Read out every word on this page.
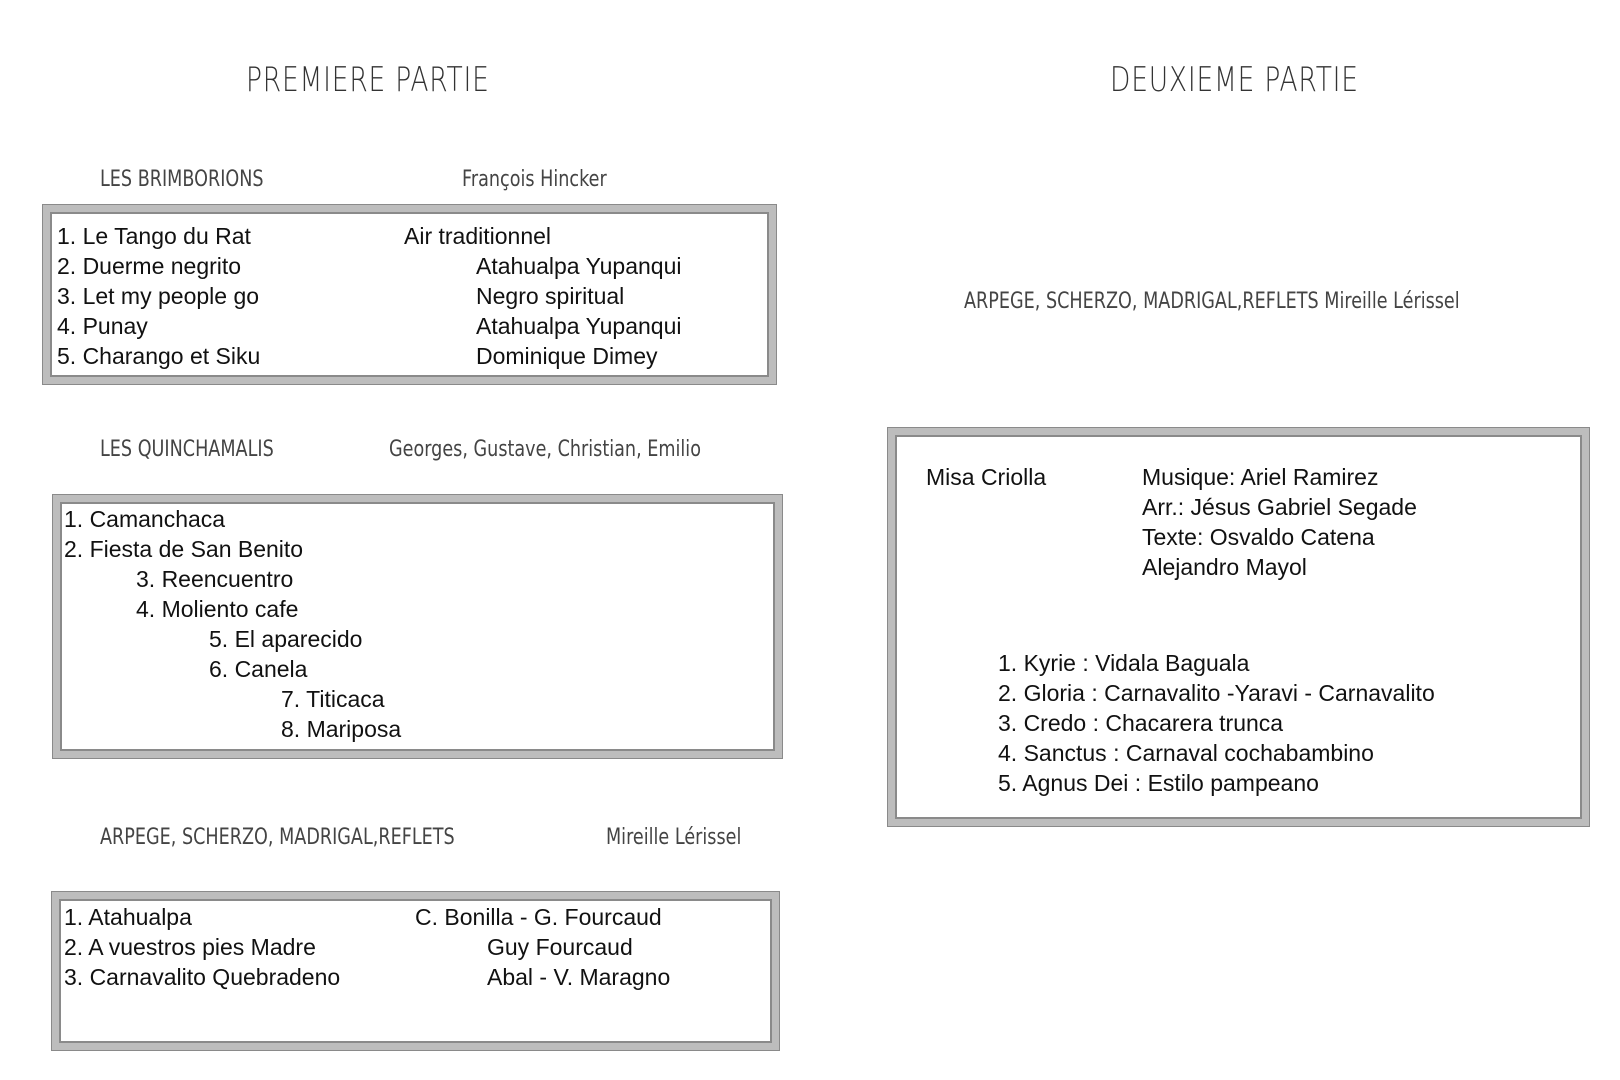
PREMIERE PARTIE
LES BRIMBORIONS	François Hincker
1. Le Tango du Rat	Air traditionnel
2. Duerme negrito	Atahualpa Yupanqui
3. Let my people go	Negro spiritual
4. Punay	Atahualpa Yupanqui
5. Charango et Siku	Dominique Dimey
LES QUINCHAMALIS	Georges, Gustave, Christian, Emilio
1. Camanchaca
2. Fiesta de San Benito
3. Reencuentro
4. Moliento cafe
5. El aparecido
6. Canela
7. Titicaca
8. Mariposa
ARPEGE, SCHERZO, MADRIGAL,REFLETS	Mireille Lérissel
1. Atahualpa	C. Bonilla - G. Fourcaud
2. A vuestros pies Madre	Guy Fourcaud
3. Carnavalito Quebradeno	Abal - V. Maragno
DEUXIEME PARTIE
ARPEGE, SCHERZO, MADRIGAL,REFLETS Mireille Lérissel
Misa Criolla	Musique: Ariel Ramirez
Arr.: Jésus Gabriel Segade
Texte: Osvaldo Catena
Alejandro Mayol
1. Kyrie : Vidala Baguala
2. Gloria : Carnavalito -Yaravi - Carnavalito
3. Credo : Chacarera trunca
4. Sanctus : Carnaval cochabambino
5. Agnus Dei : Estilo pampeano
